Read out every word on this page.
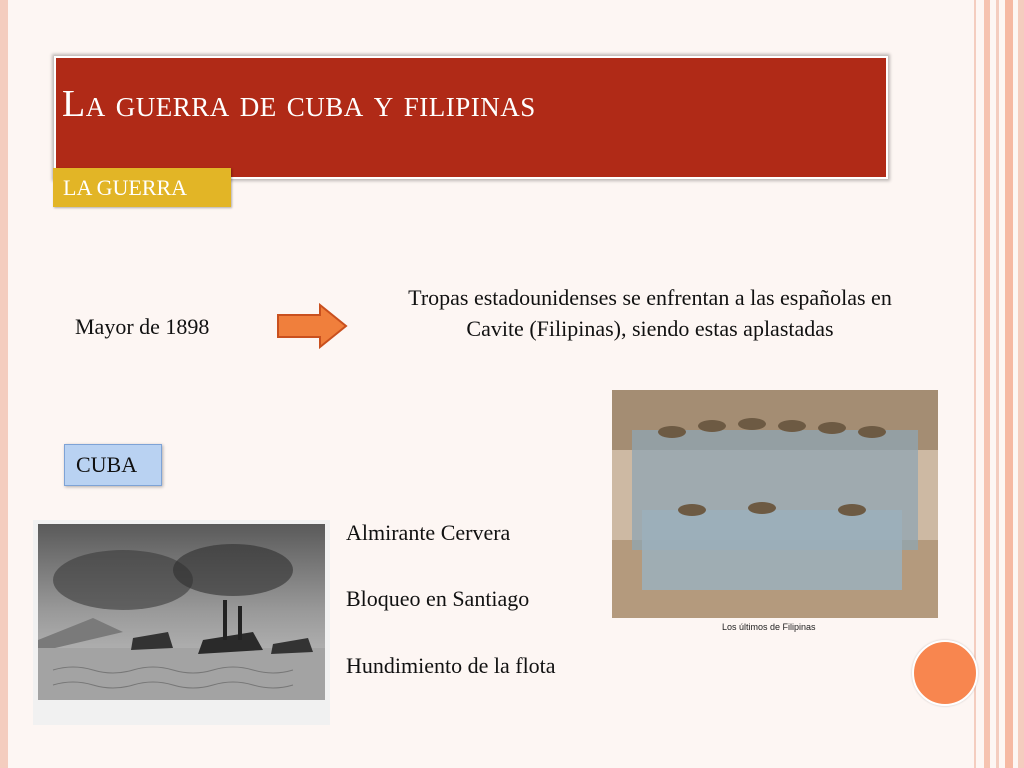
La guerra de cuba y filipinas
LA GUERRA
Mayor de 1898
Tropas estadounidenses se enfrentan a las españolas en Cavite (Filipinas), siendo estas aplastadas
CUBA
Los últimos de Filipinas
Almirante Cervera
Bloqueo en Santiago
Hundimiento de la flota
